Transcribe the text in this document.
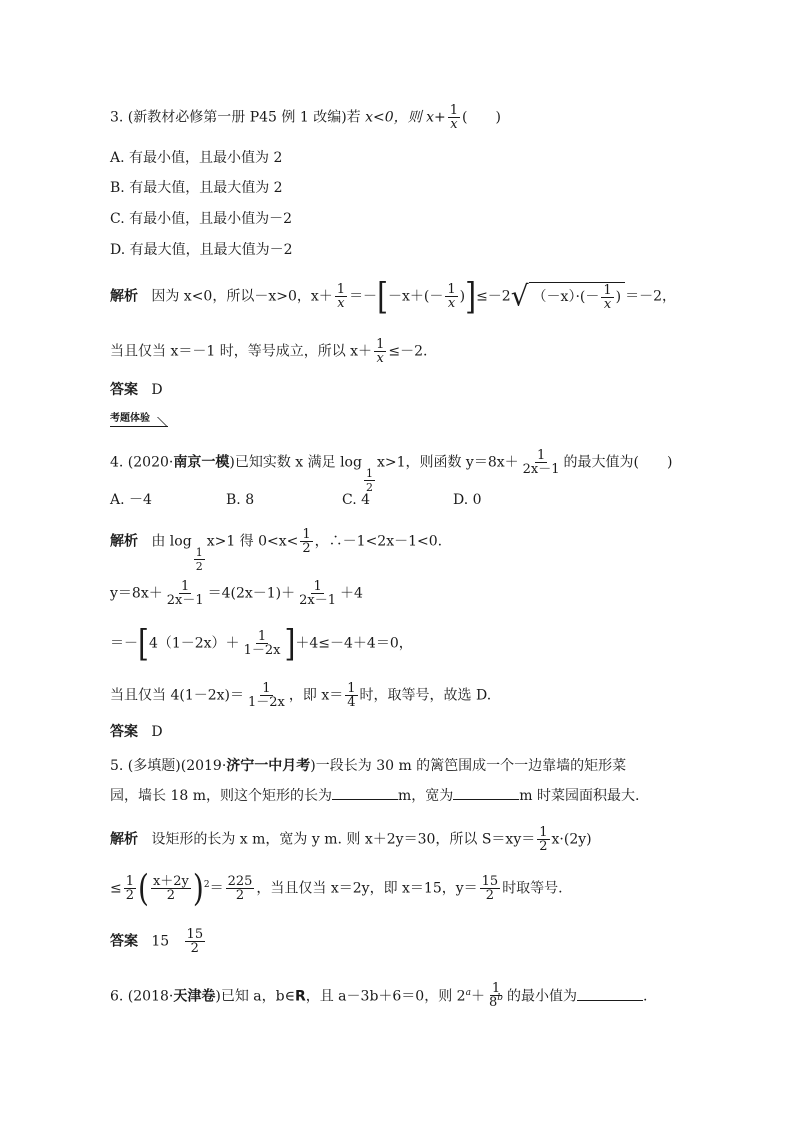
3. (新教材必修第一册 P45 例 1 改编)若 x<0，则 $x+ \frac{1}{x}$ (　　)
A. 有最小值，且最小值为 2
B. 有最大值，且最大值为 2
C. 有最小值，且最小值为－2
D. 有最大值，且最大值为－2
解析 因为 x<0，所以－x>0，$x+ \frac{1}{x} =-[-x+(- \frac{1}{x} )]\le-2√$ $(-x)\cdot(- \frac{1}{x}$ ) ＝－2，
当且仅当 x＝－1 时，等号成立，所以 $x+ \frac{1}{x} \le-2$.
答案 D
考题体验
4. (2020·南京一模)已知实数 x 满足 log
$\frac{1}{2}$
x>1，则函数 $y=8x+ \frac{1}{2x-1}$ 的最大值为(　　)
A. －4	B. 8	C. 4	D. 0
解析 由 log
$\frac{1}{2}$
x>1 得 $0<x< \frac{1}{2}$ ，∴－1<2x－1<0.
$y=8x+ \frac{1}{2x-1} =4(2x-1)+ \frac{1}{2x-1} +4$
$=-[4(1-2x)+ \frac{1}{1-2x} ]+4\le-4+4=0$，
当且仅当 $4(1-2x)= \frac{1}{1-2x}$ ，即 $x= \frac{1}{4}$ 时，取等号，故选 D.
答案 D
5. (多填题)(2019·济宁一中月考)一段长为 30 m 的篱笆围成一个一边靠墙的矩形菜
园，墙长 18 m，则这个矩形的长为	m，宽为	m 时菜园面积最大.
解析 设矩形的长为 x m，宽为 y m. 则 x＋2y＝30，所以 $S=xy= \frac{1}{2} x\cdot(2y)$
≤ $\frac{1}{2}$ ( $\frac{x+2y}{2} )^2= \frac{225}{2}$ ，当且仅当 x＝2y，即 x＝15，$y= \frac{15}{2}$ 时取等号.
答案 $15 \frac{15}{2}$
6. (2018·天津卷)已知 a，b∈R，且 a－3b＋6＝0，则 $2^a+ \frac{1}{8^b}$ 的最小值为	.
